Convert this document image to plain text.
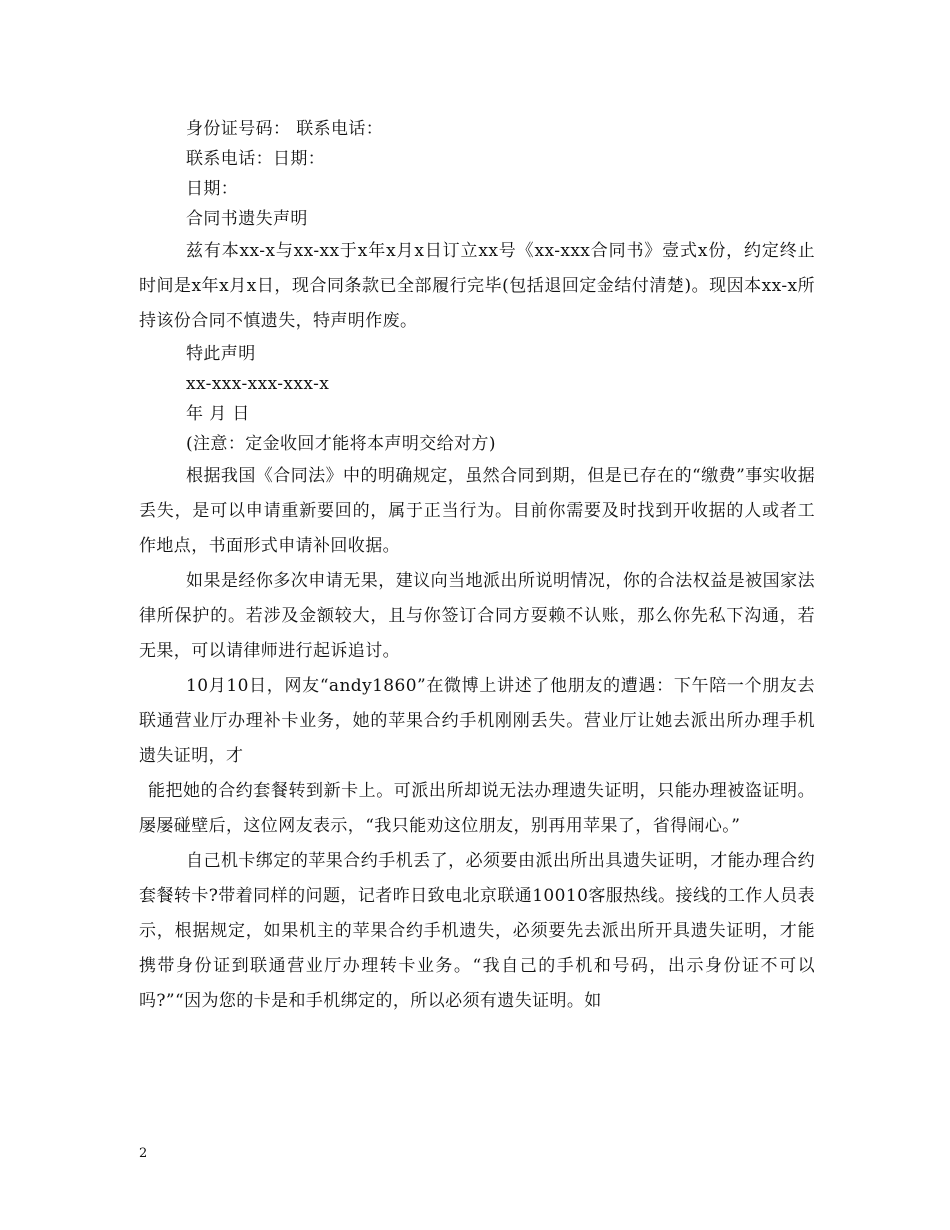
身份证号码： 联系电话：

联系电话：日期：

日期：

合同书遗失声明

兹有本xx-x与xx-xx于x年x月x日订立xx号《xx-xxx合同书》壹式x份，约定终止时间是x年x月x日，现合同条款已全部履行完毕(包括退回定金结付清楚)。现因本xx-x所持该份合同不慎遗失，特声明作废。

特此声明

xx-xxx-xxx-xxx-x

年 月 日

(注意：定金收回才能将本声明交给对方)

根据我国《合同法》中的明确规定，虽然合同到期，但是已存在的“缴费”事实收据丢失，是可以申请重新要回的，属于正当行为。目前你需要及时找到开收据的人或者工作地点，书面形式申请补回收据。

如果是经你多次申请无果，建议向当地派出所说明情况，你的合法权益是被国家法律所保护的。若涉及金额较大，且与你签订合同方耍赖不认账，那么你先私下沟通，若无果，可以请律师进行起诉追讨。

10月10日，网友“andy1860”在微博上讲述了他朋友的遭遇：下午陪一个朋友去联通营业厅办理补卡业务，她的苹果合约手机刚刚丢失。营业厅让她去派出所办理手机遗失证明，才

能把她的合约套餐转到新卡上。可派出所却说无法办理遗失证明，只能办理被盗证明。屡屡碰壁后，这位网友表示，“我只能劝这位朋友，别再用苹果了，省得闹心。”

自己机卡绑定的苹果合约手机丢了，必须要由派出所出具遗失证明，才能办理合约套餐转卡?带着同样的问题，记者昨日致电北京联通10010客服热线。接线的工作人员表示，根据规定，如果机主的苹果合约手机遗失，必须要先去派出所开具遗失证明，才能携带身份证到联通营业厅办理转卡业务。“我自己的手机和号码，出示身份证不可以吗?”“因为您的卡是和手机绑定的，所以必须有遗失证明。如

2
